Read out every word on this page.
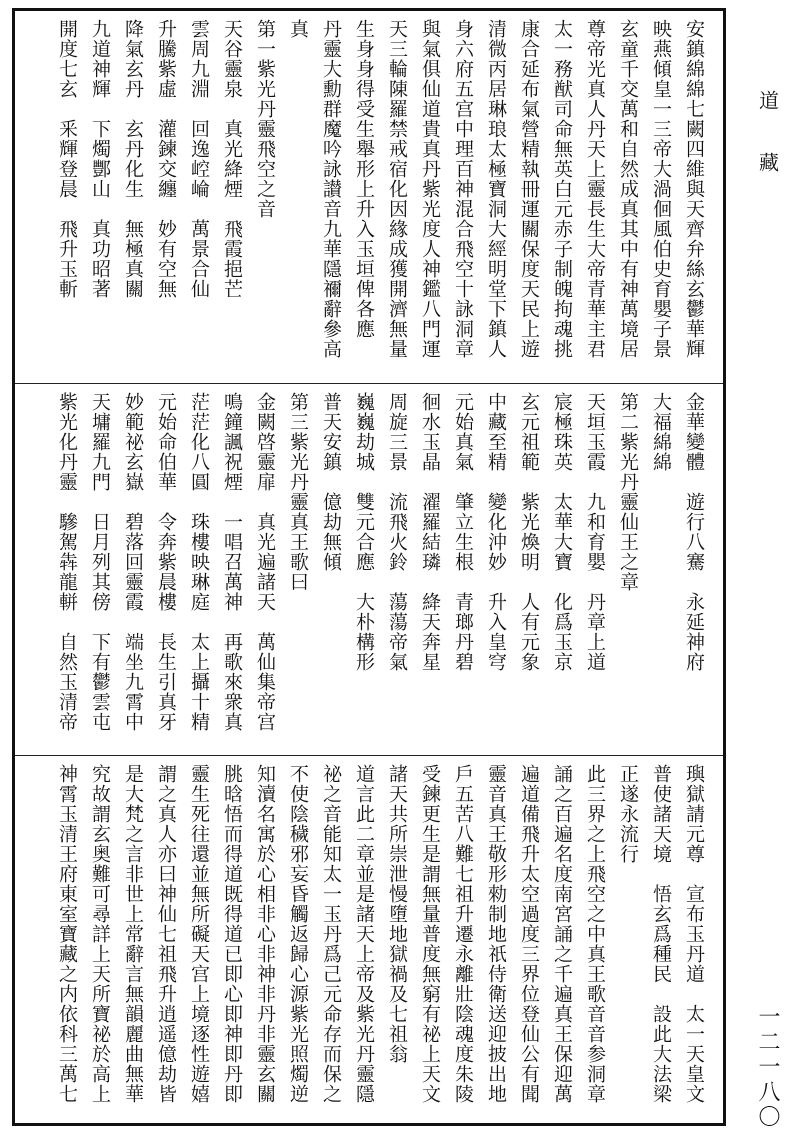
安鎮綿綿七闕四維與天齊弁絲玄鬱華輝
映燕傾皇一三帝大渦佪風伯史育嬰子景
玄童千交萬和自然成真其中有神萬境居
尊帝光真人丹天上靈長生大帝青華主君
太一務猷司命無英白元赤子制魄拘魂挑
康合延布氣營精執冊運關保度天民上遊
清微丙居琳琅太極寶洞大經明堂下鎮人
身六府五宫中理百神混合飛空十詠洞章
與氣俱仙道貴真丹紫光度人神鑑八門運
天三輪陳羅禁戒宿化因緣成獲開濟無量
生身身得受生舉形上升入玉垣俾各應
丹靈大勳群魔吟詠讃音九華隱禰辭參高
真
第一紫光丹靈飛空之音
天谷靈泉　真光絳煙　飛霞挹芒
雲周九淵　回逸崆崘　萬景合仙
升騰紫虛　灌鍊交纏　妙有空無
降氣玄丹　玄丹化生　無極真關
九道神輝　下燭酆山　真功昭著
開度七玄　釆輝登晨　飛升玉斬
金華變體　遊行八騫　永延神府
大福綿綿
第二紫光丹靈仙王之章
天垣玉霞　九和育嬰　丹章上道
宸極珠英　太華大寶　化爲玉京
玄元祖範　紫光煥明　人有元象
中藏至精　變化沖妙　升入皇穹
元始真氣　肇立生根　青瑯丹碧
徊水玉晶　濯羅結璘　絳天奔星
周旋三景　流飛火鈴　蕩蕩帝氣
巍巍劫城　雙元合應　大朴構形
普天安鎮　億劫無傾
第三紫光丹靈真王歌曰
金闕啓靈扉　真光遍諸天　萬仙集帝宫
鳴鐘諷祝煙　一唱召萬神　再歌來衆真
茫茫化八圓　珠樓映琳庭　太上攝十精
元始命伯華　令奔紫晨樓　長生引真牙
妙範祕玄嶽　碧落回靈霞　端坐九霄中
天墉羅九門　日月列其傍　下有鬱雲屯
紫光化丹靈　驂駕犇龍軿　自然玉清帝
璵獄請元尊　宣布玉丹道　太一天皇文
普使諸天境　悟玄爲種民　設此大法梁
正遂永流行
此三界之上飛空之中真王歌音音参洞章
誦之百遍名度南宮誦之千遍真王保迎萬
遍道備飛升太空過度三界位登仙公有聞
靈音真王敬形勑制地祇侍衛送迎披出地
戶五苦八難七祖升遷永離壯陰魂度朱陵
受鍊更生是謂無量普度無窮有祕上天文
諸天共所崇泄慢墮地獄禍及七祖翁
道言此二章並是諸天上帝及紫光丹靈隱
祕之音能知太一玉丹爲己元命存而保之
不使陰穢邪妄昏觸返歸心源紫光照燭逆
知瀆名寓於心相非心非神非丹非靈玄關
朓晗悟而得道既得道已即心即神即丹即
靈生死往還並無所礙天宫上境逐性遊嬉
謂之真人亦曰神仙七祖飛升逍遥億劫皆
是大梵之言非世上常辭言無韻麗曲無華
究故謂玄奥難可尋詳上天所寶祕於高上
神霄玉清王府東室寶藏之内依科三萬七
道
藏
一二一八〇
